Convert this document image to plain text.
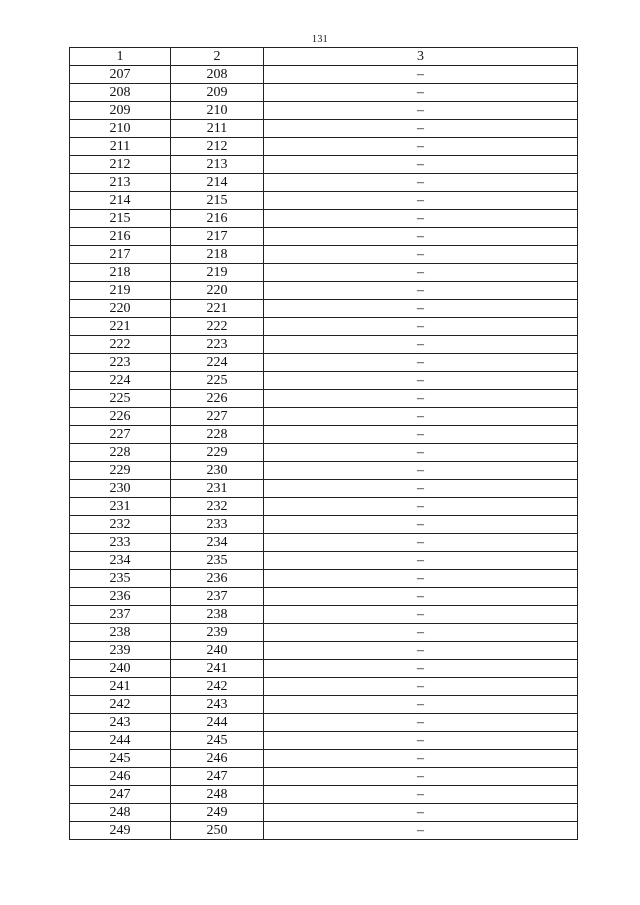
131
1	2	3
207	208	–
208	209	–
209	210	–
210	211	–
211	212	–
212	213	–
213	214	–
214	215	–
215	216	–
216	217	–
217	218	–
218	219	–
219	220	–
220	221	–
221	222	–
222	223	–
223	224	–
224	225	–
225	226	–
226	227	–
227	228	–
228	229	–
229	230	–
230	231	–
231	232	–
232	233	–
233	234	–
234	235	–
235	236	–
236	237	–
237	238	–
238	239	–
239	240	–
240	241	–
241	242	–
242	243	–
243	244	–
244	245	–
245	246	–
246	247	–
247	248	–
248	249	–
249	250	–
